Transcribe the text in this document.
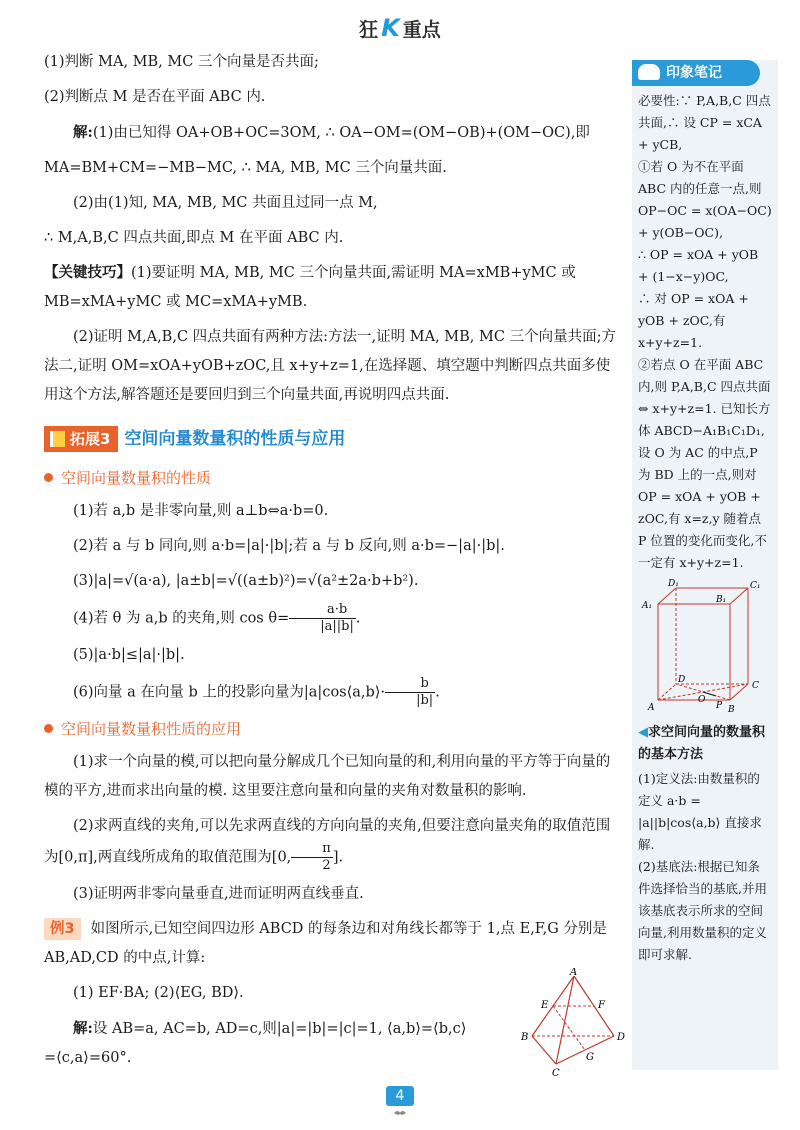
狂 K 重点

(1)判断 MA, MB, MC 三个向量是否共面;

(2)判断点 M 是否在平面 ABC 内.

解:(1)由已知得 OA+OB+OC=3OM, ∴ OA−OM=(OM−OB)+(OM−OC),即

MA=BM+CM=−MB−MC, ∴ MA, MB, MC 三个向量共面.

(2)由(1)知, MA, MB, MC 共面且过同一点 M,

∴ M,A,B,C 四点共面,即点 M 在平面 ABC 内.

【关键技巧】(1)要证明 MA, MB, MC 三个向量共面,需证明 MA=xMB+yMC 或 MB=xMA+yMC 或 MC=xMA+yMB.

(2)证明 M,A,B,C 四点共面有两种方法:方法一,证明 MA, MB, MC 三个向量共面;方法二,证明 OM=xOA+yOB+zOC,且 x+y+z=1,在选择题、填空题中判断四点共面多使用这个方法,解答题还是要回归到三个向量共面,再说明四点共面.

拓展3 空间向量数量积的性质与应用
空间向量数量积的性质

(1)若 a,b 是非零向量,则 a⊥b⇔a·b=0.

(2)若 a 与 b 同向,则 a·b=|a|·|b|;若 a 与 b 反向,则 a·b=−|a|·|b|.

(3)|a|=√(a·a), |a±b|=√((a±b)²)=√(a²±2a·b+b²).

(4)若 θ 为 a,b 的夹角,则 $\cos \theta= \frac{a\cdot b}{|a||b|}$ .

(5)|a·b|≤|a|·|b|.

(6)向量 a 在向量 b 上的投影向量为|a|cos⟨a,b⟩· $\frac{b}{|b|}$ .

空间向量数量积性质的应用

(1)求一个向量的模,可以把向量分解成几个已知向量的和,利用向量的平方等于向量的模的平方,进而求出向量的模. 这里要注意向量和向量的夹角对数量积的影响.

(2)求两直线的夹角,可以先求两直线的方向向量的夹角,但要注意向量夹角的取值范围为[0,π],两直线所成角的取值范围为[0, $\frac{\pi}{2}$ ].

(3)证明两非零向量垂直,进而证明两直线垂直.

例3 如图所示,已知空间四边形 ABCD 的每条边和对角线长都等于 1,点 E,F,G 分别是 AB,AD,CD 的中点,计算:

(1) EF·BA; (2)⟨EG, BD⟩.

解:设 AB=a, AC=b, AD=c,则|a|=|b|=|c|=1, ⟨a,b⟩=⟨b,c⟩=⟨c,a⟩=60°.

A
E	F
B	D
G
C
印象笔记

必要性:∵ P,A,B,C 四点共面,∴ 设 CP = xCA + yCB,

①若 O 为不在平面 ABC 内的任意一点,则 OP−OC = x(OA−OC) + y(OB−OC),

∴ OP = xOA + yOB + (1−x−y)OC,

∴ 对 OP = xOA + yOB + zOC,有 x+y+z=1.

②若点 O 在平面 ABC 内,则 P,A,B,C 四点共面⇔ x+y+z=1. 已知长方体 ABCD−A₁B₁C₁D₁,设 O 为 AC 的中点,P 为 BD 上的一点,则对 OP = xOA + yOB + zOC,有 x=z,y 随着点 P 位置的变化而变化,不一定有 x+y+z=1.

D₁	C₁
A₁
B₁
D
C
A	B
O
P
◀求空间向量的数量积的基本方法

(1)定义法:由数量积的定义 a·b = |a||b|cos⟨a,b⟩ 直接求解.

(2)基底法:根据已知条件选择恰当的基底,并用该基底表示所求的空间向量,利用数量积的定义即可求解.

4
